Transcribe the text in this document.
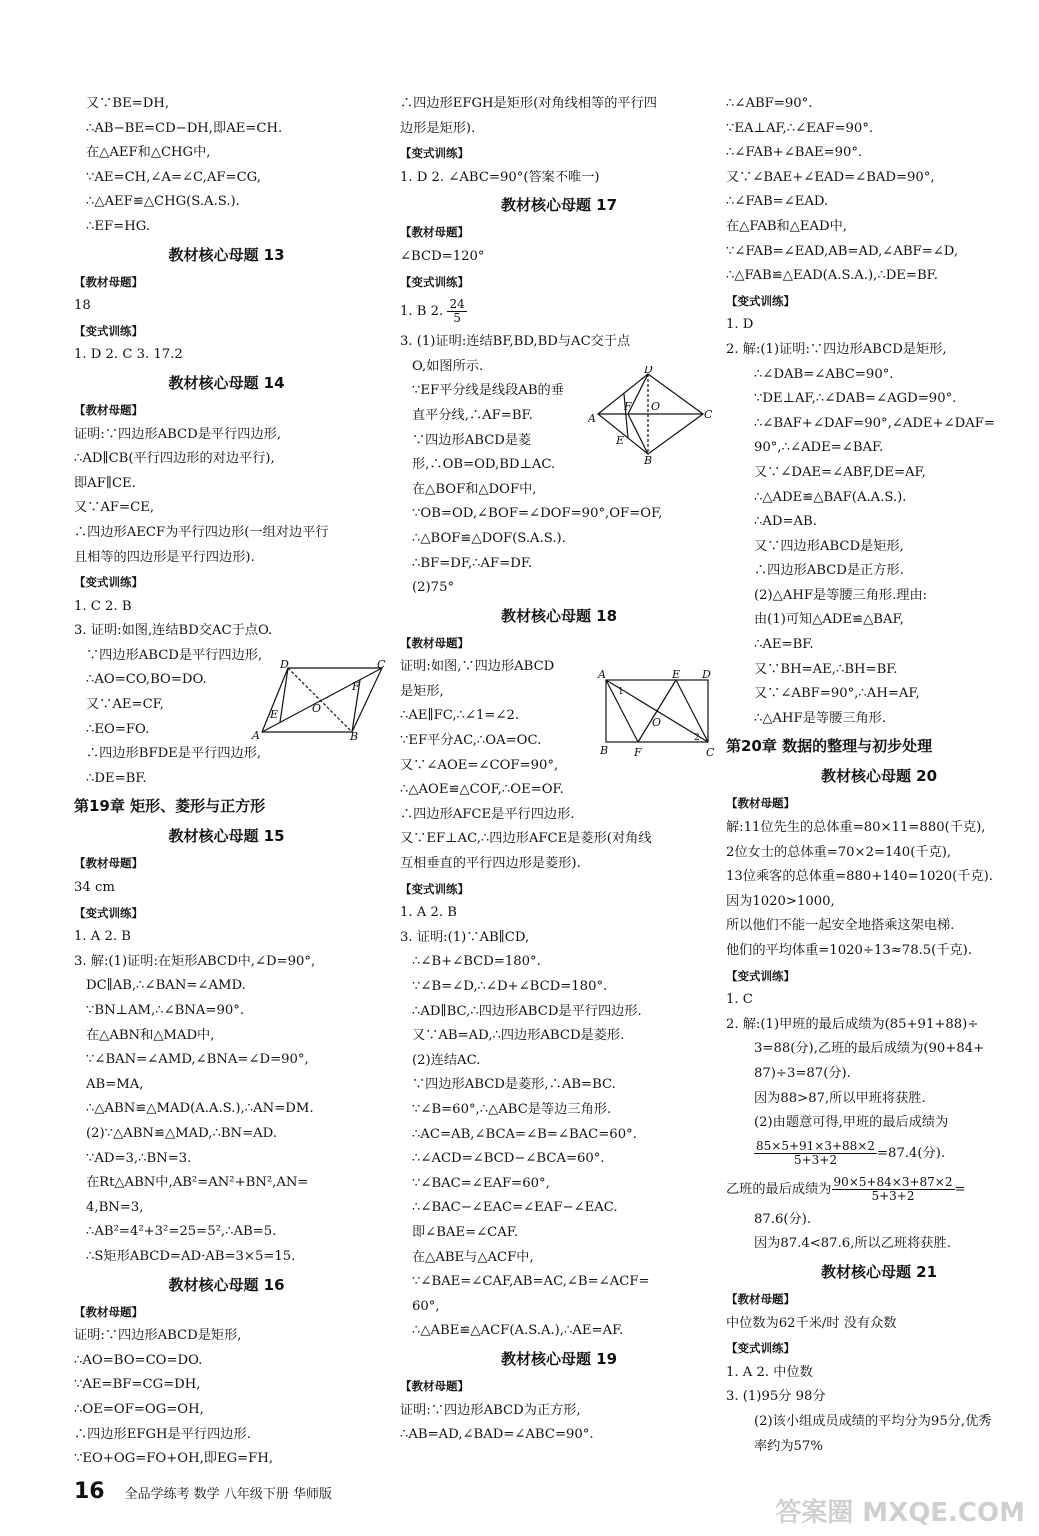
又∵BE=DH,
∴AB−BE=CD−DH,即AE=CH.
在△AEF和△CHG中,
∵AE=CH,∠A=∠C,AF=CG,
∴△AEF≌△CHG(S.A.S.).
∴EF=HG.
教材核心母题 13
【教材母题】
18
【变式训练】
1. D 2. C 3. 17.2
教材核心母题 14
【教材母题】
证明:∵四边形ABCD是平行四边形,
∴AD∥CB(平行四边形的对边平行),
即AF∥CE.
又∵AF=CE,
∴四边形AECF为平行四边形(一组对边平行
且相等的四边形是平行四边形).
【变式训练】
1. C 2. B
3. 证明:如图,连结BD交AC于点O.
∵四边形ABCD是平行四边形,
∴AO=CO,BO=DO.
又∵AE=CF,
∴EO=FO.
∴四边形BFDE是平行四边形,
∴DE=BF.
第19章 矩形、菱形与正方形
教材核心母题 15
【教材母题】
34 cm
【变式训练】
1. A 2. B
3. 解:(1)证明:在矩形ABCD中,∠D=90°,
DC∥AB,∴∠BAN=∠AMD.
∵BN⊥AM,∴∠BNA=90°.
在△ABN和△MAD中,
∵∠BAN=∠AMD,∠BNA=∠D=90°,
AB=MA,
∴△ABN≌△MAD(A.A.S.),∴AN=DM.
(2)∵△ABN≌△MAD,∴BN=AD.
∵AD=3,∴BN=3.
在Rt△ABN中,AB²=AN²+BN²,AN=
4,BN=3,
∴AB²=4²+3²=25=5²,∴AB=5.
∴S矩形ABCD=AD·AB=3×5=15.
教材核心母题 16
【教材母题】
证明:∵四边形ABCD是矩形,
∴AO=BO=CO=DO.
∵AE=BF=CG=DH,
∴OE=OF=OG=OH,
∴四边形EFGH是平行四边形.
∵EO+OG=FO+OH,即EG=FH,
∴四边形EFGH是矩形(对角线相等的平行四
边形是矩形).
【变式训练】
1. D 2. ∠ABC=90°(答案不唯一)
教材核心母题 17
【教材母题】
∠BCD=120°
【变式训练】
1. B 2. $\frac{24}{5}$
3. (1)证明:连结BF,BD,BD与AC交于点
O,如图所示.
∵EF平分线是线段AB的垂
直平分线,∴AF=BF.
∵四边形ABCD是菱
形,∴OB=OD,BD⊥AC.
在△BOF和△DOF中,
∵OB=OD,∠BOF=∠DOF=90°,OF=OF,
∴△BOF≌△DOF(S.A.S.).
∴BF=DF,∴AF=DF.
(2)75°
教材核心母题 18
【教材母题】
证明:如图,∵四边形ABCD
是矩形,
∴AE∥FC,∴∠1=∠2.
∵EF平分AC,∴OA=OC.
又∵∠AOE=∠COF=90°,
∴△AOE≌△COF,∴OE=OF.
∴四边形AFCE是平行四边形.
又∵EF⊥AC,∴四边形AFCE是菱形(对角线
互相垂直的平行四边形是菱形).
【变式训练】
1. A 2. B
3. 证明:(1)∵AB∥CD,
∴∠B+∠BCD=180°.
∵∠B=∠D,∴∠D+∠BCD=180°.
∴AD∥BC,∴四边形ABCD是平行四边形.
又∵AB=AD,∴四边形ABCD是菱形.
(2)连结AC.
∵四边形ABCD是菱形,∴AB=BC.
∵∠B=60°,∴△ABC是等边三角形.
∴AC=AB,∠BCA=∠B=∠BAC=60°.
∴∠ACD=∠BCD−∠BCA=60°.
∵∠BAC=∠EAF=60°,
∴∠BAC−∠EAC=∠EAF−∠EAC.
即∠BAE=∠CAF.
在△ABE与△ACF中,
∵∠BAE=∠CAF,AB=AC,∠B=∠ACF=
60°,
∴△ABE≌△ACF(A.S.A.),∴AE=AF.
教材核心母题 19
【教材母题】
证明:∵四边形ABCD为正方形,
∴AB=AD,∠BAD=∠ABC=90°.
∴∠ABF=90°.
∵EA⊥AF,∴∠EAF=90°.
∴∠FAB+∠BAE=90°.
又∵∠BAE+∠EAD=∠BAD=90°,
∴∠FAB=∠EAD.
在△FAB和△EAD中,
∵∠FAB=∠EAD,AB=AD,∠ABF=∠D,
∴△FAB≌△EAD(A.S.A.),∴DE=BF.
【变式训练】
1. D
2. 解:(1)证明:∵四边形ABCD是矩形,
∴∠DAB=∠ABC=90°.
∵DE⊥AF,∴∠DAB=∠AGD=90°.
∴∠BAF+∠DAF=90°,∠ADE+∠DAF=
90°,∴∠ADE=∠BAF.
又∵∠DAE=∠ABF,DE=AF,
∴△ADE≌△BAF(A.A.S.).
∴AD=AB.
又∵四边形ABCD是矩形,
∴四边形ABCD是正方形.
(2)△AHF是等腰三角形.理由:
由(1)可知△ADE≌△BAF,
∴AE=BF.
又∵BH=AE,∴BH=BF.
又∵∠ABF=90°,∴AH=AF,
∴△AHF是等腰三角形.
第20章 数据的整理与初步处理
教材核心母题 20
【教材母题】
解:11位先生的总体重=80×11=880(千克),
2位女士的总体重=70×2=140(千克),
13位乘客的总体重=880+140=1020(千克).
因为1020>1000,
所以他们不能一起安全地搭乘这架电梯.
他们的平均体重=1020÷13≈78.5(千克).
【变式训练】
1. C
2. 解:(1)甲班的最后成绩为(85+91+88)÷
3=88(分),乙班的最后成绩为(90+84+
87)÷3=87(分).
因为88>87,所以甲班将获胜.
(2)由题意可得,甲班的最后成绩为
$\frac{85\times 5+91\times 3+88\times 2}{5+3+2} =87.4$(分).
乙班的最后成绩为 $\frac{90\times 5+84\times 3+87\times 2}{5+3+2}$ =
87.6(分).
因为87.4<87.6,所以乙班将获胜.
教材核心母题 21
【教材母题】
中位数为62千米/时 没有众数
【变式训练】
1. A 2. 中位数
3. (1)95分 98分
(2)该小组成员成绩的平均分为95分,优秀
率约为57%
A	B
C
D
E
F
O
A
B
C
D
E
F O
A
B	C
D
E
F
O
1
2
16 全品学练考 数学 八年级下册 华师版
答案圈 MXQE.COM
